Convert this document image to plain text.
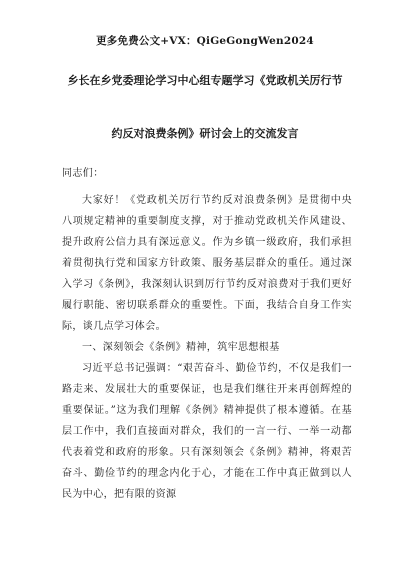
更多免费公文+VX：QiGeGongWen2024
乡长在乡党委理论学习中心组专题学习《党政机关厉行节
约反对浪费条例》研讨会上的交流发言

同志们：

大家好！《党政机关厉行节约反对浪费条例》是贯彻中央八项规定精神的重要制度支撑，对于推动党政机关作风建设、提升政府公信力具有深远意义。作为乡镇一级政府，我们承担着贯彻执行党和国家方针政策、服务基层群众的重任。通过深入学习《条例》，我深刻认识到厉行节约反对浪费对于我们更好履行职能、密切联系群众的重要性。下面，我结合自身工作实际，谈几点学习体会。

一、深刻领会《条例》精神，筑牢思想根基

习近平总书记强调：“艰苦奋斗、勤俭节约，不仅是我们一路走来、发展壮大的重要保证，也是我们继往开来再创辉煌的重要保证。”这为我们理解《条例》精神提供了根本遵循。在基层工作中，我们直接面对群众，我们的一言一行、一举一动都代表着党和政府的形象。只有深刻领会《条例》精神，将艰苦奋斗、勤俭节约的理念内化于心，才能在工作中真正做到以人民为中心，把有限的资源
